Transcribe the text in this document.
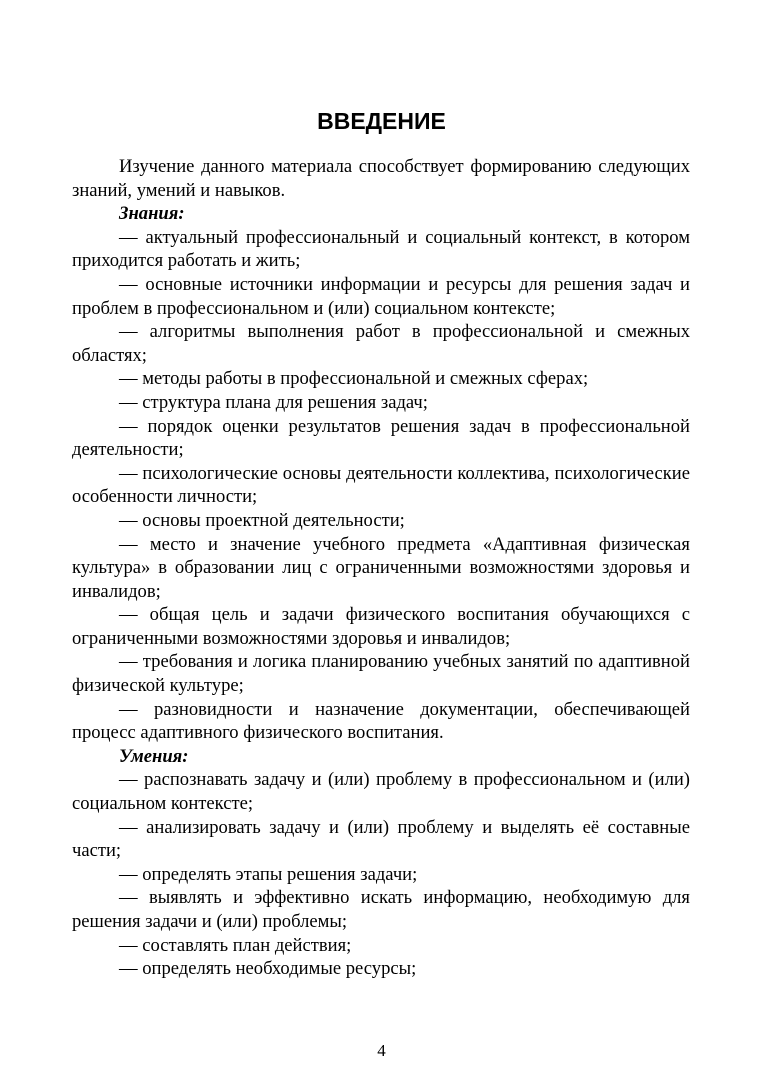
ВВЕДЕНИЕ

Изучение данного материала способствует формированию следующих знаний, умений и навыков.

Знания:

— актуальный профессиональный и социальный контекст, в котором приходится работать и жить;

— основные источники информации и ресурсы для решения задач и проблем в профессиональном и (или) социальном контексте;

— алгоритмы выполнения работ в профессиональной и смежных областях;

— методы работы в профессиональной и смежных сферах;

— структура плана для решения задач;

— порядок оценки результатов решения задач в профессиональной деятельности;

— психологические основы деятельности коллектива, психологические особенности личности;

— основы проектной деятельности;

— место и значение учебного предмета «Адаптивная физическая культура» в образовании лиц с ограниченными возможностями здоровья и инвалидов;

— общая цель и задачи физического воспитания обучающихся с ограниченными возможностями здоровья и инвалидов;

— требования и логика планированию учебных занятий по адаптивной физической культуре;

— разновидности и назначение документации, обеспечивающей процесс адаптивного физического воспитания.

Умения:

— распознавать задачу и (или) проблему в профессиональном и (или) социальном контексте;

— анализировать задачу и (или) проблему и выделять её составные части;

— определять этапы решения задачи;

— выявлять и эффективно искать информацию, необходимую для решения задачи и (или) проблемы;

— составлять план действия;

— определять необходимые ресурсы;

4
